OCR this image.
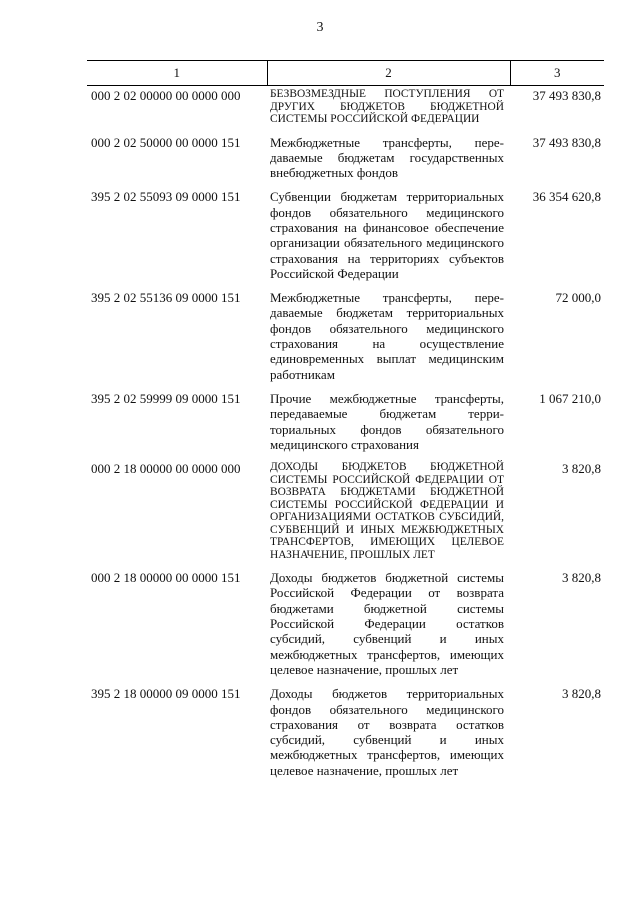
3
1	2	3
000 2 02 00000 00 0000 000	БЕЗВОЗМЕЗДНЫЕ ПОСТУПЛЕНИЯ ОТ ДРУГИХ БЮДЖЕТОВ БЮДЖЕТНОЙ СИСТЕМЫ РОССИЙСКОЙ ФЕДЕРАЦИИ	37 493 830,8
000 2 02 50000 00 0000 151	Межбюджетные трансферты, передаваемые бюджетам государственных внебюджетных фондов	37 493 830,8
395 2 02 55093 09 0000 151	Субвенции бюджетам территориальных фондов обязательного медицинского страхования на финансовое обеспечение организации обязательного медицинского страхования на территориях субъектов Российской Федерации	36 354 620,8
395 2 02 55136 09 0000 151	Межбюджетные трансферты, передаваемые бюджетам территориальных фондов обязательного медицинского страхования на осуществление единовременных выплат медицинским работникам	72 000,0
395 2 02 59999 09 0000 151	Прочие межбюджетные трансферты, передаваемые бюджетам территориальных фондов обязательного медицинского страхования	1 067 210,0
000 2 18 00000 00 0000 000	ДОХОДЫ БЮДЖЕТОВ БЮДЖЕТНОЙ СИСТЕМЫ РОССИЙСКОЙ ФЕДЕРАЦИИ ОТ ВОЗВРАТА БЮДЖЕТАМИ БЮДЖЕТНОЙ СИСТЕМЫ РОССИЙСКОЙ ФЕДЕРАЦИИ И ОРГАНИЗАЦИЯМИ ОСТАТКОВ СУБСИДИЙ, СУБВЕНЦИЙ И ИНЫХ МЕЖБЮДЖЕТНЫХ ТРАНСФЕРТОВ, ИМЕЮЩИХ ЦЕЛЕВОЕ НАЗНАЧЕНИЕ, ПРОШЛЫХ ЛЕТ	3 820,8
000 2 18 00000 00 0000 151	Доходы бюджетов бюджетной системы Российской Федерации от возврата бюджетами бюджетной системы Российской Федерации остатков субсидий, субвенций и иных межбюджетных трансфертов, имеющих целевое назначение, прошлых лет	3 820,8
395 2 18 00000 09 0000 151	Доходы бюджетов территориальных фондов обязательного медицинского страхования от возврата остатков субсидий, субвенций и иных межбюджетных трансфертов, имеющих целевое назначение, прошлых лет	3 820,8
